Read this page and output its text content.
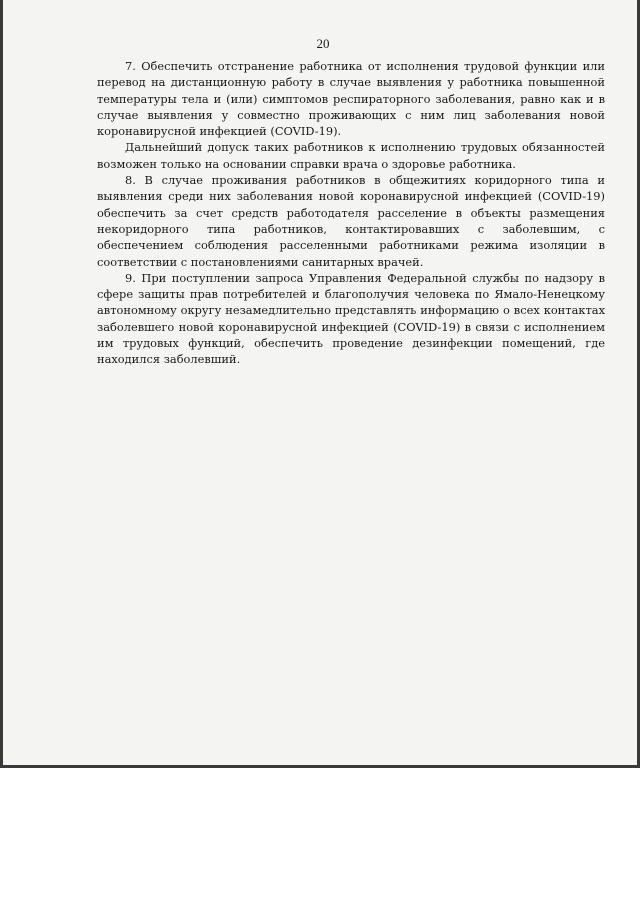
20

7. Обеспечить отстранение работника от исполнения трудовой функции или перевод на дистанционную работу в случае выявления у работника повышенной температуры тела и (или) симптомов респираторного заболевания, равно как и в случае выявления у совместно проживающих с ним лиц заболевания новой коронавирусной инфекцией (COVID-19).

Дальнейший допуск таких работников к исполнению трудовых обязанностей возможен только на основании справки врача о здоровье работника.

8. В случае проживания работников в общежитиях коридорного типа и выявления среди них заболевания новой коронавирусной инфекцией (COVID-19) обеспечить за счет средств работодателя расселение в объекты размещения некоридорного типа работников, контактировавших с заболевшим, с обеспечением соблюдения расселенными работниками режима изоляции в соответствии с постановлениями санитарных врачей.

9. При поступлении запроса Управления Федеральной службы по надзору в сфере защиты прав потребителей и благополучия человека по Ямало-Ненецкому автономному округу незамедлительно представлять информацию о всех контактах заболевшего новой коронавирусной инфекцией (COVID-19) в связи с исполнением им трудовых функций, обеспечить проведение дезинфекции помещений, где находился заболевший.
